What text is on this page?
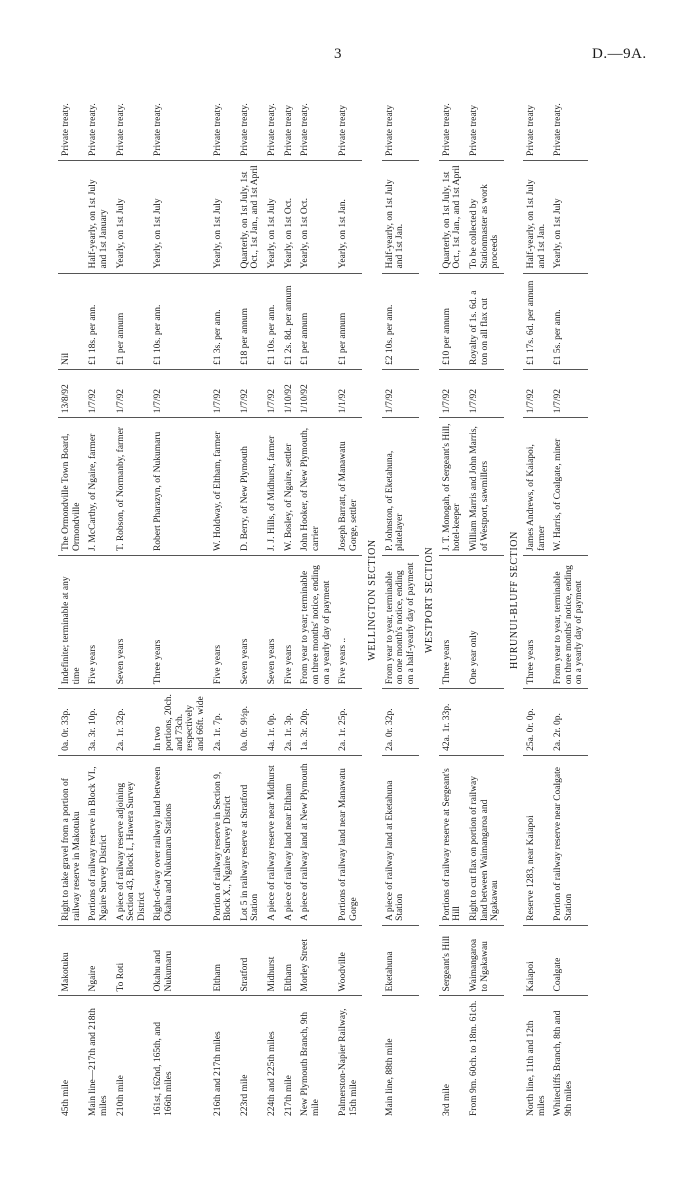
3	D.—9A.
45th mile	Makotuku	Right to take gravel from a portion of railway reserve in Makotuku	0a. 0r. 33p.	Indefinite; terminable at any time	The Ormondville Town Board, Ormondville	13/8/92	Nil		Private treaty.
Main line—217th and 218th miles	Ngaire	Portions of railway reserve in Block VI., Ngaire Survey District	3a. 3r. 10p.	Five years	J. McCarthy, of Ngaire, farmer	1/7/92	£1 18s. per ann.	Half-yearly, on 1st July and 1st January	Private treaty.
210th mile	To Roti	A piece of railway reserve adjoining Section 43, Block I., Hawera Survey District	2a. 1r. 32p.	Seven years	T. Robson, of Normanby, farmer	1/7/92	£1 per annum	Yearly, on 1st July	Private treaty.
161st, 162nd, 165th, and 166th miles	Okahu and Nukumaru	Right-of-way over railway land between Okahu and Nukumaru Stations	In two portions, 20ch. and 73ch. respectively and 66ft. wide	Three years	Robert Pharazyn, of Nukumaru	1/7/92	£1 10s. per ann.	Yearly, on 1st July	Private treaty.
216th and 217th miles	Eltham	Portion of railway reserve in Section 9, Block X., Ngaire Survey District	2a. 1r. 7p.	Five years	W. Holdway, of Eltham, farmer	1/7/92	£1 3s. per ann.	Yearly, on 1st July	Private treaty.
223rd mile	Stratford	Lot 5 in railway reserve at Stratford Station	0a. 0r. 9½p.	Seven years	D. Berry, of New Plymouth	1/7/92	£18 per annum	Quarterly, on 1st July, 1st Oct., 1st Jan., and 1st April	Private treaty.
224th and 225th miles	Midhurst	A piece of railway reserve near Midhurst	4a. 1r. 0p.	Seven years	J. J. Hills, of Midhurst, farmer	1/7/92	£1 10s. per ann.	Yearly, on 1st July	Private treaty.
217th mile	Eltham	A piece of railway land near Eltham	2a. 1r. 3p.	Five years	W. Bosley, of Ngaire, settler	1/10/92	£1 2s. 8d. per annum	Yearly, on 1st Oct.	Private treaty
New Plymouth Branch, 9th mile	Morley Street	A piece of railway land at New Plymouth	1a. 3r. 20p.	From year to year; terminable on three months' notice, ending on a yearly day of payment	John Hooker, of New Plymouth, carrier	1/10/92	£1 per annum	Yearly, on 1st Oct.	Private treaty.
Palmerston-Napier Railway, 15th mile	Woodville	Portions of railway land near Manawatu Gorge	2a. 1r. 25p.	Five years ..	Joseph Barratt, of Manawatu Gorge, settler	1/1/92	£1 per annum	Yearly, on 1st Jan.	Private treaty
WELLINGTON SECTION									
Main line, 88th mile	Eketahuna	A piece of railway land at Eketahuna Station	2a. 0r. 32p.	From year to year, terminable on one month's notice, ending on a half-yearly day of payment	P. Johnston, of Eketahuna, platelayer	1/7/92	£2 10s. per ann.	Half-yearly, on 1st July and 1st Jan.	Private treaty
WESTPORT SECTION									
3rd mile	Sergeant's Hill	Portions of railway reserve at Sergeant's Hill	42a. 1r. 33p.	Three years	J. T. Monogah, of Sergeant's Hill, hotel-keeper	1/7/92	£10 per annum	Quarterly, on 1st July, 1st Oct., 1st Jan., and 1st April	Private treaty.
From 9m. 60ch. to 18m. 61ch.	Waimangaroa to Ngakawau	Right to cut flax on portion of railway land between Waimangaroa and Ngakawau		One year only	William Marris and John Marris, of Westport, sawmillers	1/7/92	Royalty of 1s. 6d. a ton on all flax cut	To be collected by Stationmaster as work proceeds	Private treaty
HURUNUI-BLUFF SECTION									
North line, 11th and 12th miles	Kaiapoi	Reserve 1283, near Kaiapoi	25a. 0r. 0p.	Three years	James Andrews, of Kaiapoi, farmer	1/7/92	£1 17s. 6d. per annum	Half-yearly, on 1st July and 1st Jan.	Private treaty
Whitecliffs Branch, 8th and 9th miles	Coalgate	Portion of railway reserve near Coalgate Station	2a. 2r. 0p.	From year to year, terminable on three months' notice, ending on a yearly day of payment	W. Harris, of Coalgate, miner	1/7/92	£1 5s. per ann.	Yearly, on 1st July	Private treaty.
